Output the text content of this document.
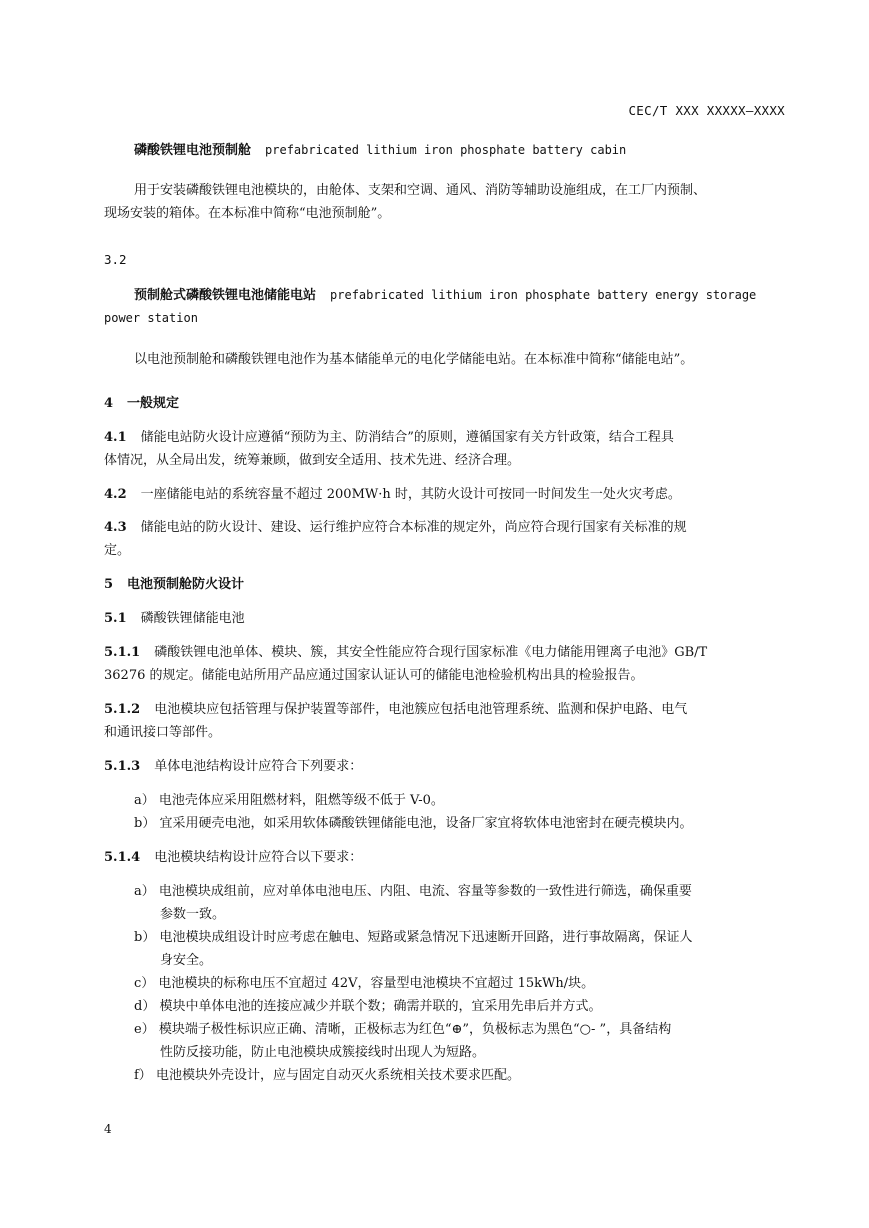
CEC/T XXX XXXXX—XXXX
磷酸铁锂电池预制舱 prefabricated lithium iron phosphate battery cabin
用于安装磷酸铁锂电池模块的，由舱体、支架和空调、通风、消防等辅助设施组成，在工厂内预制、
现场安装的箱体。在本标准中简称“电池预制舱”。
3.2
预制舱式磷酸铁锂电池储能电站 prefabricated lithium iron phosphate battery energy storage
power station
以电池预制舱和磷酸铁锂电池作为基本储能单元的电化学储能电站。在本标准中简称“储能电站”。
4 一般规定
4.1 储能电站防火设计应遵循“预防为主、防消结合”的原则，遵循国家有关方针政策，结合工程具
体情况，从全局出发，统筹兼顾，做到安全适用、技术先进、经济合理。
4.2 一座储能电站的系统容量不超过 200MW·h 时，其防火设计可按同一时间发生一处火灾考虑。
4.3 储能电站的防火设计、建设、运行维护应符合本标准的规定外，尚应符合现行国家有关标准的规
定。
5 电池预制舱防火设计
5.1 磷酸铁锂储能电池
5.1.1 磷酸铁锂电池单体、模块、簇，其安全性能应符合现行国家标准《电力储能用锂离子电池》GB/T
36276 的规定。储能电站所用产品应通过国家认证认可的储能电池检验机构出具的检验报告。
5.1.2 电池模块应包括管理与保护装置等部件，电池簇应包括电池管理系统、监测和保护电路、电气
和通讯接口等部件。
5.1.3 单体电池结构设计应符合下列要求：
a） 电池壳体应采用阻燃材料，阻燃等级不低于 V-0。
b） 宜采用硬壳电池，如采用软体磷酸铁锂储能电池，设备厂家宜将软体电池密封在硬壳模块内。
5.1.4 电池模块结构设计应符合以下要求：
a） 电池模块成组前，应对单体电池电压、内阻、电流、容量等参数的一致性进行筛选，确保重要
参数一致。
b） 电池模块成组设计时应考虑在触电、短路或紧急情况下迅速断开回路，进行事故隔离，保证人
身安全。
c） 电池模块的标称电压不宜超过 42V，容量型电池模块不宜超过 15kWh/块。
d） 模块中单体电池的连接应减少并联个数；确需并联的，宜采用先串后并方式。
e） 模块端子极性标识应正确、清晰，正极标志为红色“⊕”，负极标志为黑色“○- ”，具备结构
性防反接功能，防止电池模块成簇接线时出现人为短路。
f） 电池模块外壳设计，应与固定自动灭火系统相关技术要求匹配。
4
